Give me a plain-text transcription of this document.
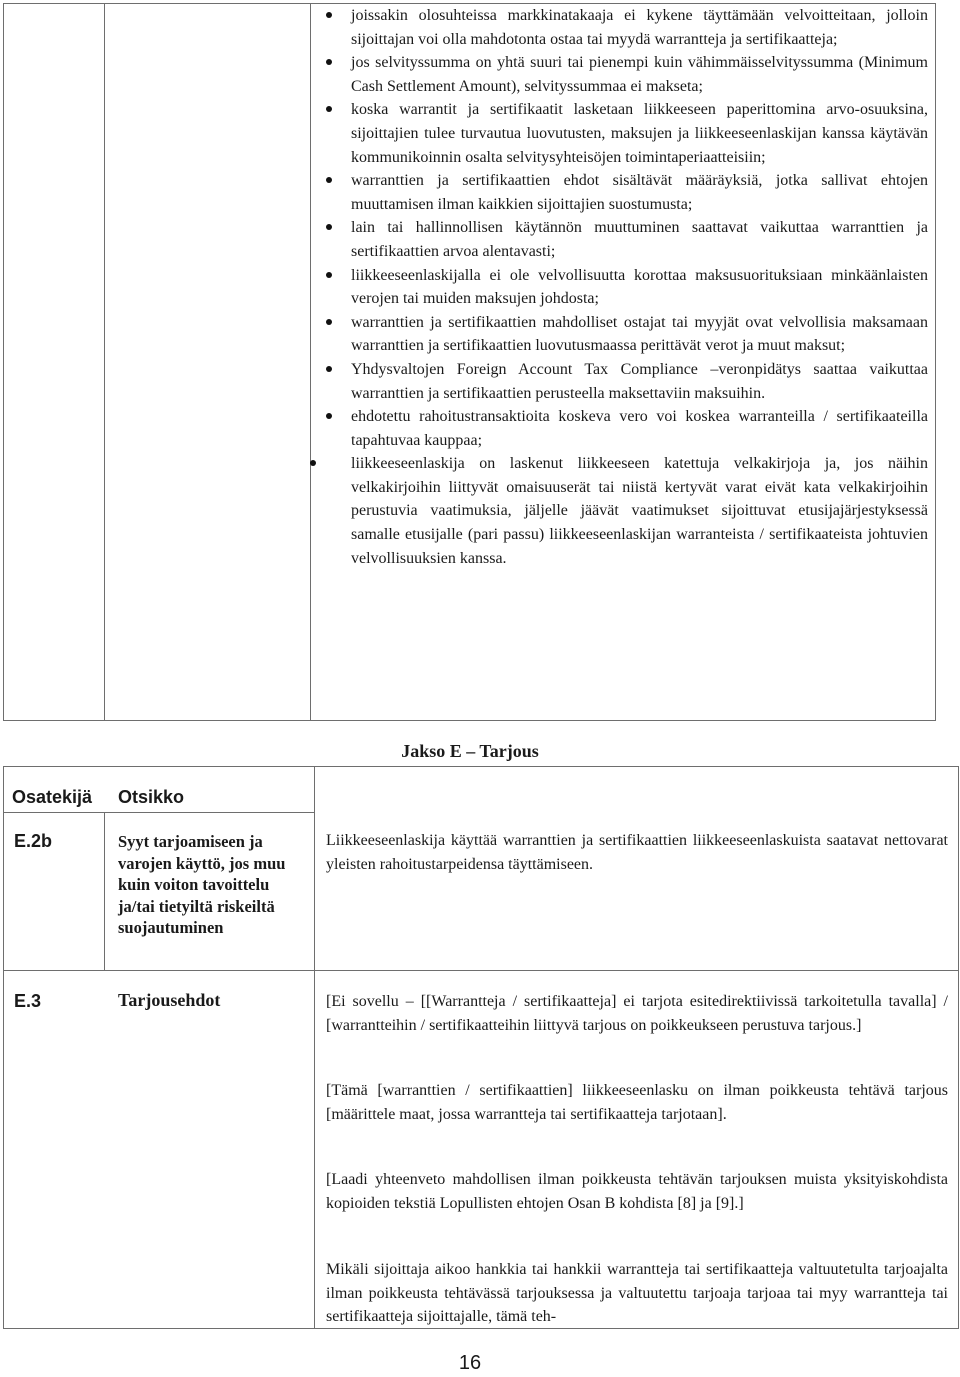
joissakin olosuhteissa markkinatakaaja ei kykene täyttämään velvoitteitaan, jolloin sijoittajan voi olla mahdotonta ostaa tai myydä warrantteja ja sertifikaatteja;
jos selvityssumma on yhtä suuri tai pienempi kuin vähimmäisselvityssumma (Minimum Cash Settlement Amount), selvityssummaa ei makseta;
koska warrantit ja sertifikaatit lasketaan liikkeeseen paperittomina arvo-osuuksina, sijoittajien tulee turvautua luovutusten, maksujen ja liikkeeseenlaskijan kanssa käytävän kommunikoinnin osalta selvitysyhteisöjen toimintaperiaatteisiin;
warranttien ja sertifikaattien ehdot sisältävät määräyksiä, jotka sallivat ehtojen muuttamisen ilman kaikkien sijoittajien suostumusta;
lain tai hallinnollisen käytännön muuttuminen saattavat vaikuttaa warranttien ja sertifikaattien arvoa alentavasti;
liikkeeseenlaskijalla ei ole velvollisuutta korottaa maksusuorituksiaan minkäänlaisten verojen tai muiden maksujen johdosta;
warranttien ja sertifikaattien mahdolliset ostajat tai myyjät ovat velvollisia maksamaan warranttien ja sertifikaattien luovutusmaassa perittävät verot ja muut maksut;
Yhdysvaltojen Foreign Account Tax Compliance –veronpidätys saattaa vaikuttaa warranttien ja sertifikaattien perusteella maksettaviin maksuihin.
ehdotettu rahoitustransaktioita koskeva vero voi koskea warranteilla / sertifikaateilla tapahtuvaa kauppaa;
liikkeeseenlaskija on laskenut liikkeeseen katettuja velkakirjoja ja, jos näihin velkakirjoihin liittyvät omaisuuserät tai niistä kertyvät varat eivät kata velkakirjoihin perustuvia vaatimuksia, jäljelle jäävät vaatimukset sijoittuvat etusijajärjestyksessä samalle etusijalle (pari passu) liikkeeseenlaskijan warranteista / sertifikaateista johtuvien velvollisuuksien kanssa.
Jakso E – Tarjous
Osatekijä Otsikko
E.2b	Syyt tarjoamiseen ja varojen käyttö, jos muu kuin voiton tavoittelu ja/tai tietyiltä riskeiltä suojautuminen
Liikkeeseenlaskija käyttää warranttien ja sertifikaattien liikkeeseenlaskuista saatavat nettovarat yleisten rahoitustarpeidensa täyttämiseen.
E.3	Tarjousehdot	[Ei sovellu – [[Warrantteja / sertifikaatteja] ei tarjota esitedirektiivissä tarkoitetulla tavalla] / [warrantteihin / sertifikaatteihin liittyvä tarjous on poikkeukseen perustuva tarjous.]
[Tämä [warranttien / sertifikaattien] liikkeeseenlasku on ilman poikkeusta tehtävä tarjous [määrittele maat, jossa warrantteja tai sertifikaatteja tarjotaan].
[Laadi yhteenveto mahdollisen ilman poikkeusta tehtävän tarjouksen muista yksityiskohdista kopioiden tekstiä Lopullisten ehtojen Osan B kohdista [8] ja [9].]
Mikäli sijoittaja aikoo hankkia tai hankkii warrantteja tai sertifikaatteja valtuutetulta tarjoajalta ilman poikkeusta tehtävässä tarjouksessa ja valtuutettu tarjoaja tarjoaa tai myy warrantteja tai sertifikaatteja sijoittajalle, tämä teh-
16
